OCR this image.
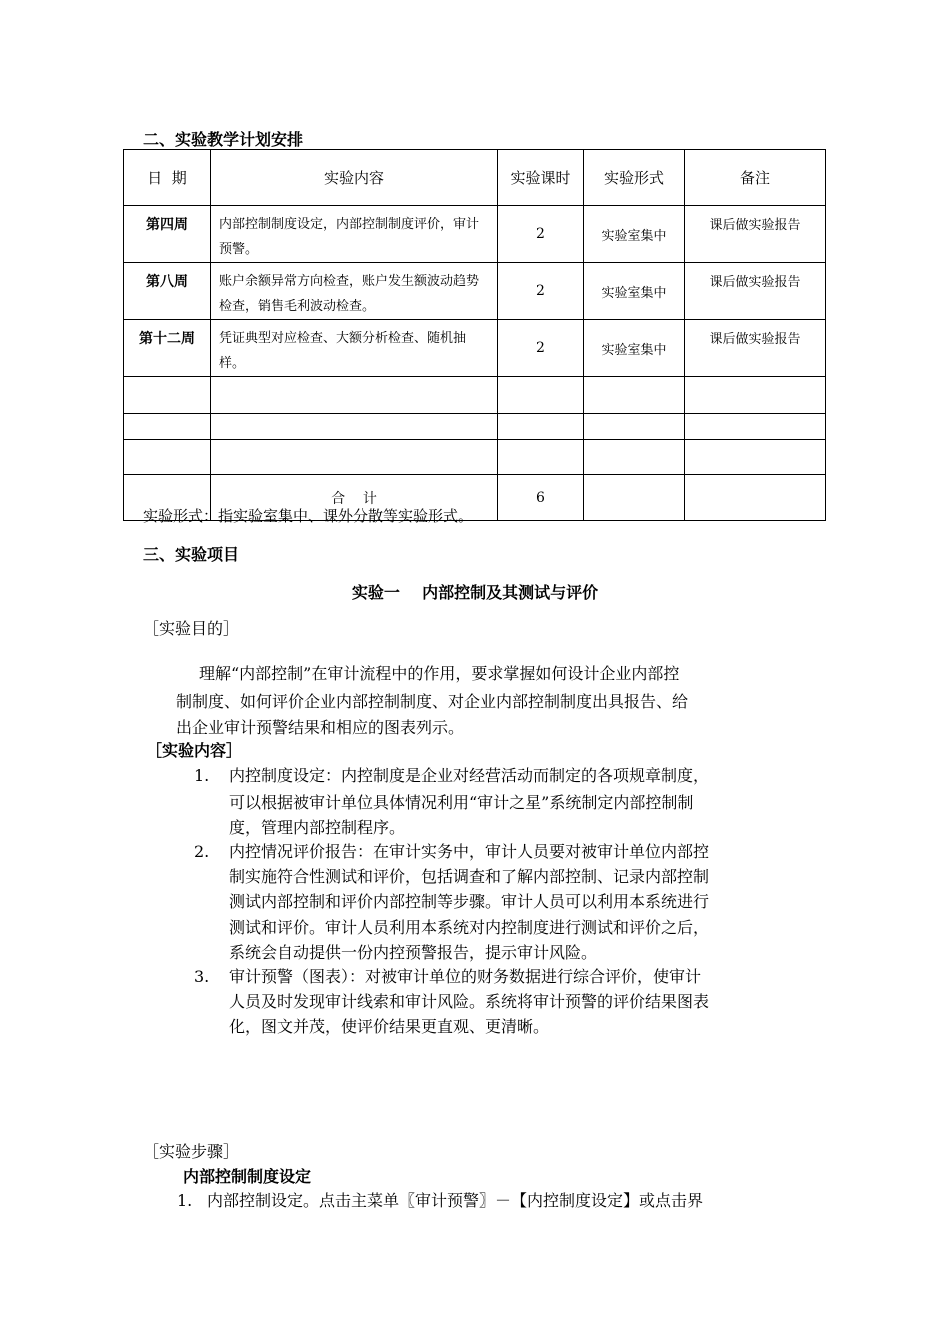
二、实验教学计划安排
日  期	实验内容	实验课时	实验形式	备注
第四周	内部控制制度设定，内部控制制度评价，审计预警。	2	实验室集中	课后做实验报告
第八周	账户余额异常方向检查，账户发生额波动趋势检查，销售毛利波动检查。	2	实验室集中	课后做实验报告
第十二周	凭证典型对应检查、大额分析检查、随机抽样。	2	实验室集中	课后做实验报告

	合    计	6		
实验形式：指实验室集中、课外分散等实验形式。
三、实验项目
实验一    内部控制及其测试与评价
［实验目的］
理解“内部控制”在审计流程中的作用，要求掌握如何设计企业内部控
制制度、如何评价企业内部控制制度、对企业内部控制制度出具报告、给
出企业审计预警结果和相应的图表列示。
［实验内容］
1. 内控制度设定：内控制度是企业对经营活动而制定的各项规章制度，
可以根据被审计单位具体情况利用“审计之星”系统制定内部控制制
度，管理内部控制程序。
2. 内控情况评价报告：在审计实务中，审计人员要对被审计单位内部控
制实施符合性测试和评价，包括调查和了解内部控制、记录内部控制
测试内部控制和评价内部控制等步骤。审计人员可以利用本系统进行
测试和评价。审计人员利用本系统对内控制度进行测试和评价之后，
系统会自动提供一份内控预警报告，提示审计风险。
3. 审计预警（图表）：对被审计单位的财务数据进行综合评价，使审计
人员及时发现审计线索和审计风险。系统将审计预警的评价结果图表
化，图文并茂，使评价结果更直观、更清晰。
［实验步骤］
内部控制制度设定
1. 内部控制设定。点击主菜单〖审计预警〗－【内控制度设定】或点击界
